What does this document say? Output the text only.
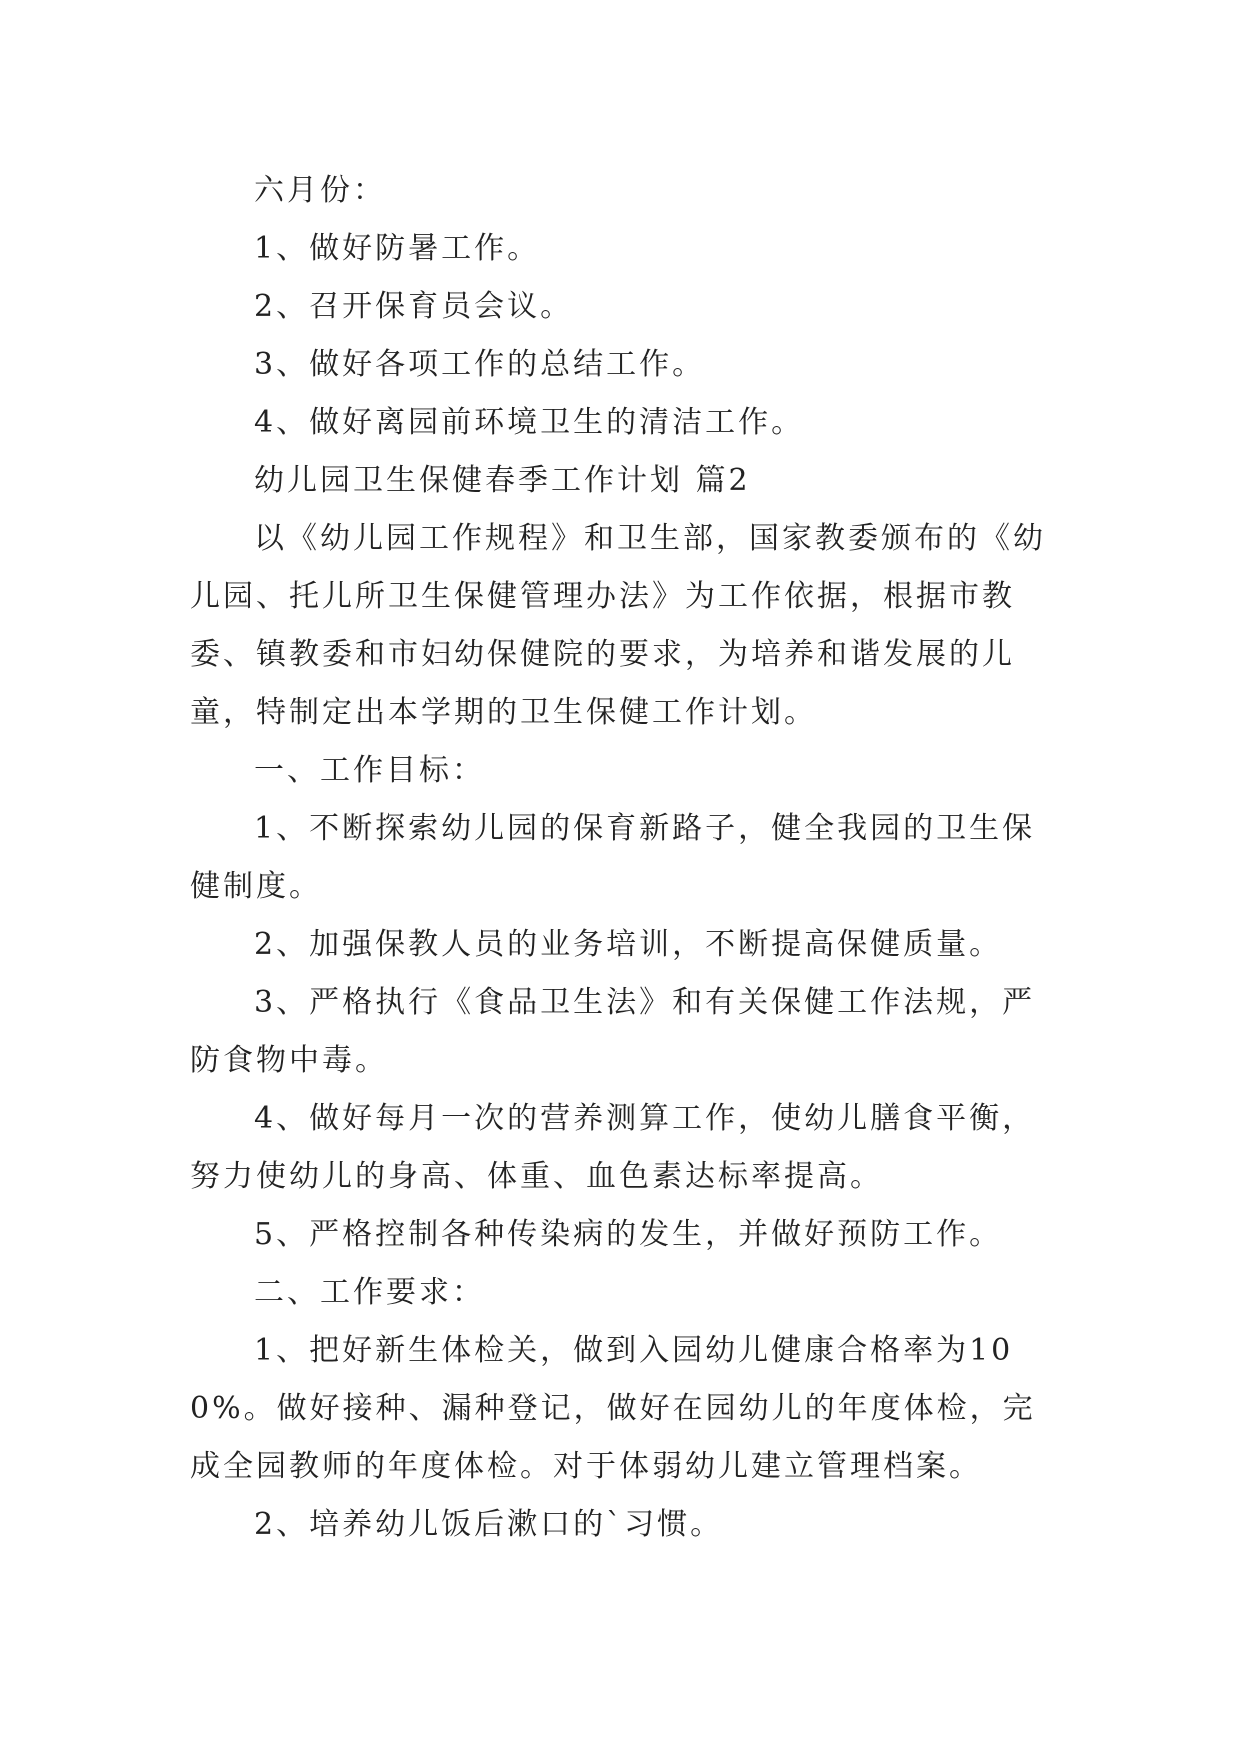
六月份：

1、做好防暑工作。

2、召开保育员会议。

3、做好各项工作的总结工作。

4、做好离园前环境卫生的清洁工作。

幼儿园卫生保健春季工作计划 篇2

以《幼儿园工作规程》和卫生部，国家教委颁布的《幼儿园、托儿所卫生保健管理办法》为工作依据，根据市教委、镇教委和市妇幼保健院的要求，为培养和谐发展的儿童，特制定出本学期的卫生保健工作计划。

一、工作目标：

1、不断探索幼儿园的保育新路子，健全我园的卫生保健制度。

2、加强保教人员的业务培训，不断提高保健质量。

3、严格执行《食品卫生法》和有关保健工作法规，严防食物中毒。

4、做好每月一次的营养测算工作，使幼儿膳食平衡，努力使幼儿的身高、体重、血色素达标率提高。

5、严格控制各种传染病的发生，并做好预防工作。

二、工作要求：

1、把好新生体检关，做到入园幼儿健康合格率为100%。做好接种、漏种登记，做好在园幼儿的年度体检，完成全园教师的年度体检。对于体弱幼儿建立管理档案。

2、培养幼儿饭后漱口的`习惯。
